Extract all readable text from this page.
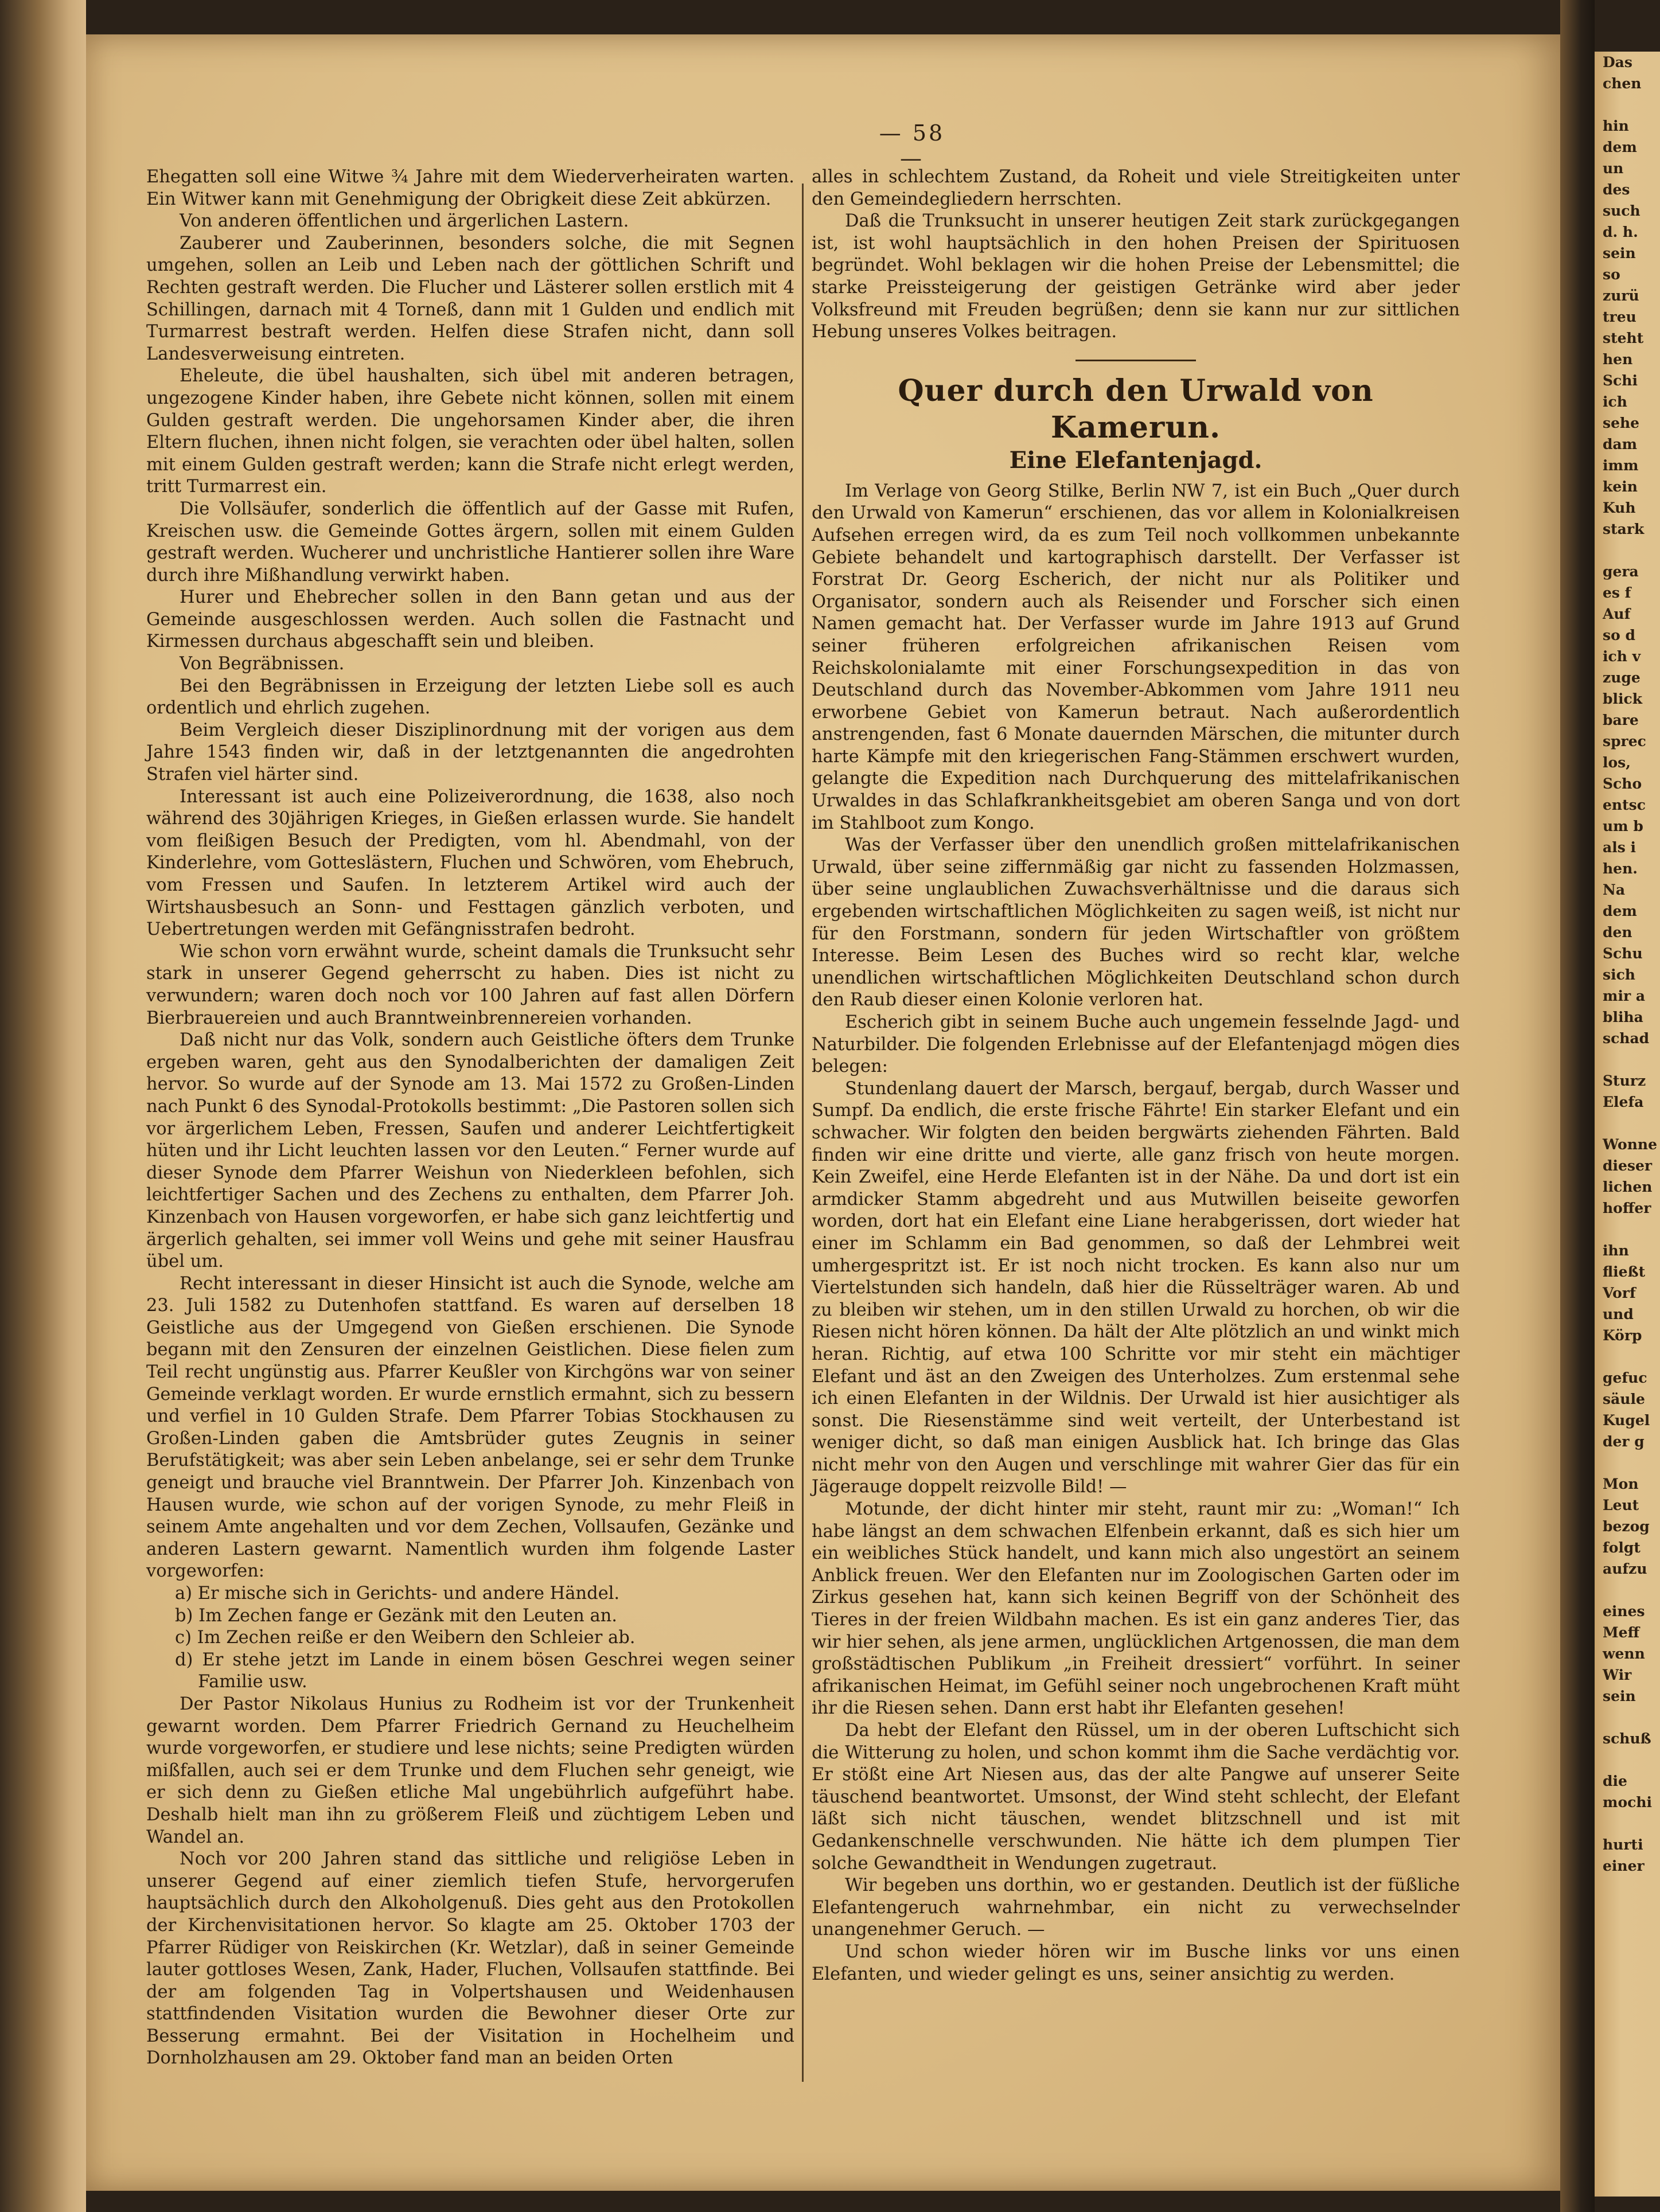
— 58 —

Ehegatten soll eine Witwe ¾ Jahre mit dem Wiederverheiraten warten. Ein Witwer kann mit Genehmigung der Obrigkeit diese Zeit abkürzen.

Von anderen öffentlichen und ärgerlichen Lastern.

Zauberer und Zauberinnen, besonders solche, die mit Segnen umgehen, sollen an Leib und Leben nach der göttlichen Schrift und Rechten gestraft werden. Die Flucher und Lästerer sollen erstlich mit 4 Schillingen, darnach mit 4 Torneß, dann mit 1 Gulden und endlich mit Turmarrest bestraft werden. Helfen diese Strafen nicht, dann soll Landesverweisung eintreten.

Eheleute, die übel haushalten, sich übel mit anderen betragen, ungezogene Kinder haben, ihre Gebete nicht können, sollen mit einem Gulden gestraft werden. Die ungehorsamen Kinder aber, die ihren Eltern fluchen, ihnen nicht folgen, sie verachten oder übel halten, sollen mit einem Gulden gestraft werden; kann die Strafe nicht erlegt werden, tritt Turmarrest ein.

Die Vollsäufer, sonderlich die öffentlich auf der Gasse mit Rufen, Kreischen usw. die Gemeinde Gottes ärgern, sollen mit einem Gulden gestraft werden. Wucherer und unchristliche Hantierer sollen ihre Ware durch ihre Mißhandlung verwirkt haben.

Hurer und Ehebrecher sollen in den Bann getan und aus der Gemeinde ausgeschlossen werden. Auch sollen die Fastnacht und Kirmessen durchaus abgeschafft sein und bleiben.

Von Begräbnissen.

Bei den Begräbnissen in Erzeigung der letzten Liebe soll es auch ordentlich und ehrlich zugehen.

Beim Vergleich dieser Disziplinordnung mit der vorigen aus dem Jahre 1543 finden wir, daß in der letztgenannten die angedrohten Strafen viel härter sind.

Interessant ist auch eine Polizeiverordnung, die 1638, also noch während des 30jährigen Krieges, in Gießen erlassen wurde. Sie handelt vom fleißigen Besuch der Predigten, vom hl. Abendmahl, von der Kinderlehre, vom Gotteslästern, Fluchen und Schwören, vom Ehebruch, vom Fressen und Saufen. In letzterem Artikel wird auch der Wirtshausbesuch an Sonn- und Festtagen gänzlich verboten, und Uebertretungen werden mit Gefängnisstrafen bedroht.

Wie schon vorn erwähnt wurde, scheint damals die Trunksucht sehr stark in unserer Gegend geherrscht zu haben. Dies ist nicht zu verwundern; waren doch noch vor 100 Jahren auf fast allen Dörfern Bierbrauereien und auch Branntweinbrennereien vorhanden.

Daß nicht nur das Volk, sondern auch Geistliche öfters dem Trunke ergeben waren, geht aus den Synodalberichten der damaligen Zeit hervor. So wurde auf der Synode am 13. Mai 1572 zu Großen-Linden nach Punkt 6 des Synodal-Protokolls bestimmt: „Die Pastoren sollen sich vor ärgerlichem Leben, Fressen, Saufen und anderer Leichtfertigkeit hüten und ihr Licht leuchten lassen vor den Leuten.“ Ferner wurde auf dieser Synode dem Pfarrer Weishun von Niederkleen befohlen, sich leichtfertiger Sachen und des Zechens zu enthalten, dem Pfarrer Joh. Kinzenbach von Hausen vorgeworfen, er habe sich ganz leichtfertig und ärgerlich gehalten, sei immer voll Weins und gehe mit seiner Hausfrau übel um.

Recht interessant in dieser Hinsicht ist auch die Synode, welche am 23. Juli 1582 zu Dutenhofen stattfand. Es waren auf derselben 18 Geistliche aus der Umgegend von Gießen erschienen. Die Synode begann mit den Zensuren der einzelnen Geistlichen. Diese fielen zum Teil recht ungünstig aus. Pfarrer Keußler von Kirchgöns war von seiner Gemeinde verklagt worden. Er wurde ernstlich ermahnt, sich zu bessern und verfiel in 10 Gulden Strafe. Dem Pfarrer Tobias Stockhausen zu Großen-Linden gaben die Amtsbrüder gutes Zeugnis in seiner Berufstätigkeit; was aber sein Leben anbelange, sei er sehr dem Trunke geneigt und brauche viel Branntwein. Der Pfarrer Joh. Kinzenbach von Hausen wurde, wie schon auf der vorigen Synode, zu mehr Fleiß in seinem Amte angehalten und vor dem Zechen, Vollsaufen, Gezänke und anderen Lastern gewarnt. Namentlich wurden ihm folgende Laster vorgeworfen:

a) Er mische sich in Gerichts- und andere Händel.

b) Im Zechen fange er Gezänk mit den Leuten an.

c) Im Zechen reiße er den Weibern den Schleier ab.

d) Er stehe jetzt im Lande in einem bösen Geschrei wegen seiner Familie usw.

Der Pastor Nikolaus Hunius zu Rodheim ist vor der Trunkenheit gewarnt worden. Dem Pfarrer Friedrich Gernand zu Heuchelheim wurde vorgeworfen, er studiere und lese nichts; seine Predigten würden mißfallen, auch sei er dem Trunke und dem Fluchen sehr geneigt, wie er sich denn zu Gießen etliche Mal ungebührlich aufgeführt habe. Deshalb hielt man ihn zu größerem Fleiß und züchtigem Leben und Wandel an.

Noch vor 200 Jahren stand das sittliche und religiöse Leben in unserer Gegend auf einer ziemlich tiefen Stufe, hervorgerufen hauptsächlich durch den Alkoholgenuß. Dies geht aus den Protokollen der Kirchenvisitationen hervor. So klagte am 25. Oktober 1703 der Pfarrer Rüdiger von Reiskirchen (Kr. Wetzlar), daß in seiner Gemeinde lauter gottloses Wesen, Zank, Hader, Fluchen, Vollsaufen stattfinde. Bei der am folgenden Tag in Volpertshausen und Weidenhausen stattfindenden Visitation wurden die Bewohner dieser Orte zur Besserung ermahnt. Bei der Visitation in Hochelheim und Dornholzhausen am 29. Oktober fand man an beiden Orten

alles in schlechtem Zustand, da Roheit und viele Streitigkeiten unter den Gemeindegliedern herrschten.

Daß die Trunksucht in unserer heutigen Zeit stark zurückgegangen ist, ist wohl hauptsächlich in den hohen Preisen der Spirituosen begründet. Wohl beklagen wir die hohen Preise der Lebensmittel; die starke Preissteigerung der geistigen Getränke wird aber jeder Volksfreund mit Freuden begrüßen; denn sie kann nur zur sittlichen Hebung unseres Volkes beitragen.

Quer durch den Urwald von Kamerun.
Eine Elefantenjagd.

Im Verlage von Georg Stilke, Berlin NW 7, ist ein Buch „Quer durch den Urwald von Kamerun“ erschienen, das vor allem in Kolonialkreisen Aufsehen erregen wird, da es zum Teil noch vollkommen unbekannte Gebiete behandelt und kartographisch darstellt. Der Verfasser ist Forstrat Dr. Georg Escherich, der nicht nur als Politiker und Organisator, sondern auch als Reisender und Forscher sich einen Namen gemacht hat. Der Verfasser wurde im Jahre 1913 auf Grund seiner früheren erfolgreichen afrikanischen Reisen vom Reichskolonialamte mit einer Forschungsexpedition in das von Deutschland durch das November-Abkommen vom Jahre 1911 neu erworbene Gebiet von Kamerun betraut. Nach außerordentlich anstrengenden, fast 6 Monate dauernden Märschen, die mitunter durch harte Kämpfe mit den kriegerischen Fang-Stämmen erschwert wurden, gelangte die Expedition nach Durchquerung des mittelafrikanischen Urwaldes in das Schlafkrankheitsgebiet am oberen Sanga und von dort im Stahlboot zum Kongo.

Was der Verfasser über den unendlich großen mittelafrikanischen Urwald, über seine ziffernmäßig gar nicht zu fassenden Holzmassen, über seine unglaublichen Zuwachsverhältnisse und die daraus sich ergebenden wirtschaftlichen Möglichkeiten zu sagen weiß, ist nicht nur für den Forstmann, sondern für jeden Wirtschaftler von größtem Interesse. Beim Lesen des Buches wird so recht klar, welche unendlichen wirtschaftlichen Möglichkeiten Deutschland schon durch den Raub dieser einen Kolonie verloren hat.

Escherich gibt in seinem Buche auch ungemein fesselnde Jagd- und Naturbilder. Die folgenden Erlebnisse auf der Elefantenjagd mögen dies belegen:

Stundenlang dauert der Marsch, bergauf, bergab, durch Wasser und Sumpf. Da endlich, die erste frische Fährte! Ein starker Elefant und ein schwacher. Wir folgten den beiden bergwärts ziehenden Fährten. Bald finden wir eine dritte und vierte, alle ganz frisch von heute morgen. Kein Zweifel, eine Herde Elefanten ist in der Nähe. Da und dort ist ein armdicker Stamm abgedreht und aus Mutwillen beiseite geworfen worden, dort hat ein Elefant eine Liane herabgerissen, dort wieder hat einer im Schlamm ein Bad genommen, so daß der Lehmbrei weit umhergespritzt ist. Er ist noch nicht trocken. Es kann also nur um Viertelstunden sich handeln, daß hier die Rüsselträger waren. Ab und zu bleiben wir stehen, um in den stillen Urwald zu horchen, ob wir die Riesen nicht hören können. Da hält der Alte plötzlich an und winkt mich heran. Richtig, auf etwa 100 Schritte vor mir steht ein mächtiger Elefant und äst an den Zweigen des Unterholzes. Zum erstenmal sehe ich einen Elefanten in der Wildnis. Der Urwald ist hier ausichtiger als sonst. Die Riesenstämme sind weit verteilt, der Unterbestand ist weniger dicht, so daß man einigen Ausblick hat. Ich bringe das Glas nicht mehr von den Augen und verschlinge mit wahrer Gier das für ein Jägerauge doppelt reizvolle Bild! —

Motunde, der dicht hinter mir steht, raunt mir zu: „Woman!“ Ich habe längst an dem schwachen Elfenbein erkannt, daß es sich hier um ein weibliches Stück handelt, und kann mich also ungestört an seinem Anblick freuen. Wer den Elefanten nur im Zoologischen Garten oder im Zirkus gesehen hat, kann sich keinen Begriff von der Schönheit des Tieres in der freien Wildbahn machen. Es ist ein ganz anderes Tier, das wir hier sehen, als jene armen, unglücklichen Artgenossen, die man dem großstädtischen Publikum „in Freiheit dressiert“ vorführt. In seiner afrikanischen Heimat, im Gefühl seiner noch ungebrochenen Kraft müht ihr die Riesen sehen. Dann erst habt ihr Elefanten gesehen!

Da hebt der Elefant den Rüssel, um in der oberen Luftschicht sich die Witterung zu holen, und schon kommt ihm die Sache verdächtig vor. Er stößt eine Art Niesen aus, das der alte Pangwe auf unserer Seite täuschend beantwortet. Umsonst, der Wind steht schlecht, der Elefant läßt sich nicht täuschen, wendet blitzschnell und ist mit Gedankenschnelle verschwunden. Nie hätte ich dem plumpen Tier solche Gewandtheit in Wendungen zugetraut.

Wir begeben uns dorthin, wo er gestanden. Deutlich ist der füßliche Elefantengeruch wahrnehmbar, ein nicht zu verwechselnder unangenehmer Geruch. —

Und schon wieder hören wir im Busche links vor uns einen Elefanten, und wieder gelingt es uns, seiner ansichtig zu werden.

Das
chen
hin
dem
un
des
such
d. h.
sein
so
zurü
treu
steht
hen
Schi
ich
sehe
dam
imm
kein
Kuh
stark
gera
es f
Auf
so d
ich v
zuge
blick
bare
sprec
los,
Scho
entsc
um b
als i
hen.
Na
dem
den
Schu
sich
mir a
bliha
schad
Sturz
Elefa
Wonne
dieser
lichen
hoffer
ihn
fließt
Vorf
und
Körp
gefuc
säule
Kugel
der g
Mon
Leut
bezog
folgt
aufzu
eines
Meff
wenn
Wir
sein
schuß
die
mochi
hurti
einer
